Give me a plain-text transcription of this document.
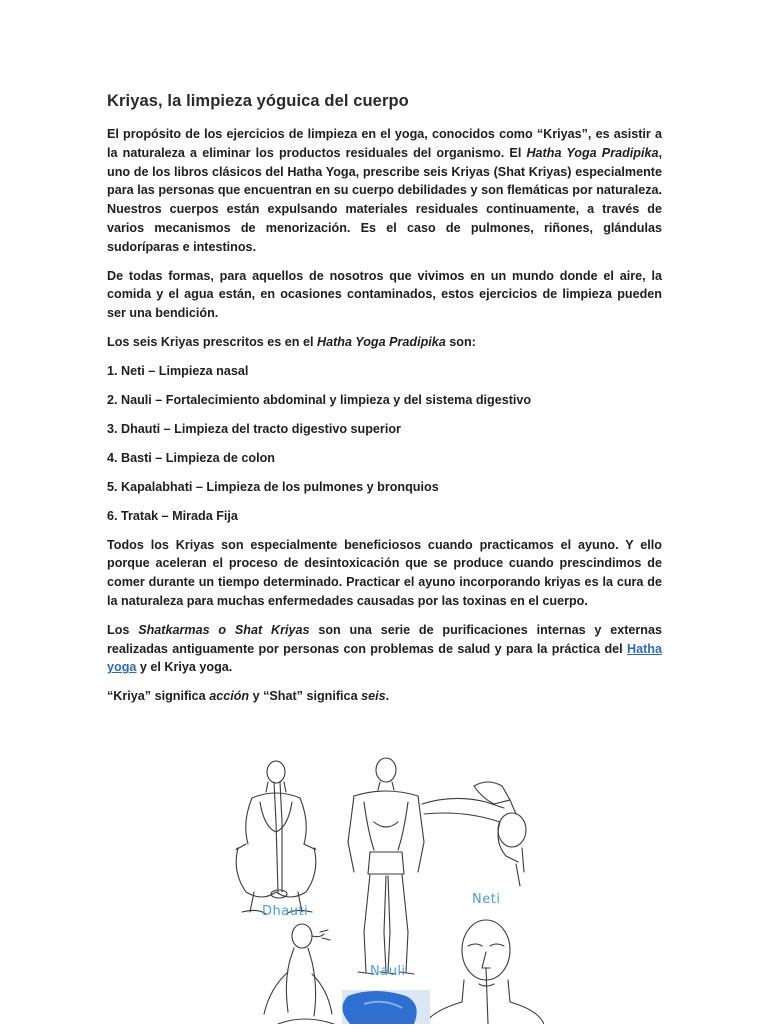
Kriyas, la limpieza yóguica del cuerpo

El propósito de los ejercicios de limpieza en el yoga, conocidos como “Kriyas”, es asistir a la naturaleza a eliminar los productos residuales del organismo. El Hatha Yoga Pradipika, uno de los libros clásicos del Hatha Yoga, prescribe seis Kriyas (Shat Kriyas) especialmente para las personas que encuentran en su cuerpo debilidades y son flemáticas por naturaleza. Nuestros cuerpos están expulsando materiales residuales continuamente, a través de varios mecanismos de menorización. Es el caso de pulmones, riñones, glándulas sudoríparas e intestinos.

De todas formas, para aquellos de nosotros que vivimos en un mundo donde el aire, la comida y el agua están, en ocasiones contaminados, estos ejercicios de limpieza pueden ser una bendición.

Los seis Kriyas prescritos es en el Hatha Yoga Pradipika son:

1. Neti – Limpieza nasal

2. Nauli – Fortalecimiento abdominal y limpieza y del sistema digestivo

3. Dhauti – Limpieza del tracto digestivo superior

4. Basti – Limpieza de colon

5. Kapalabhati – Limpieza de los pulmones y bronquios

6. Tratak – Mirada Fija

Todos los Kriyas son especialmente beneficiosos cuando practicamos el ayuno. Y ello porque aceleran el proceso de desintoxicación que se produce cuando prescindimos de comer durante un tiempo determinado. Practicar el ayuno incorporando kriyas es la cura de la naturaleza para muchas enfermedades causadas por las toxinas en el cuerpo.

Los Shatkarmas o Shat Kriyas son una serie de purificaciones internas y externas realizadas antiguamente por personas con problemas de salud y para la práctica del Hatha yoga y el Kriya yoga.

“Kriya” significa acción y “Shat” significa seis.

Dhauti
Neti
Nauli
